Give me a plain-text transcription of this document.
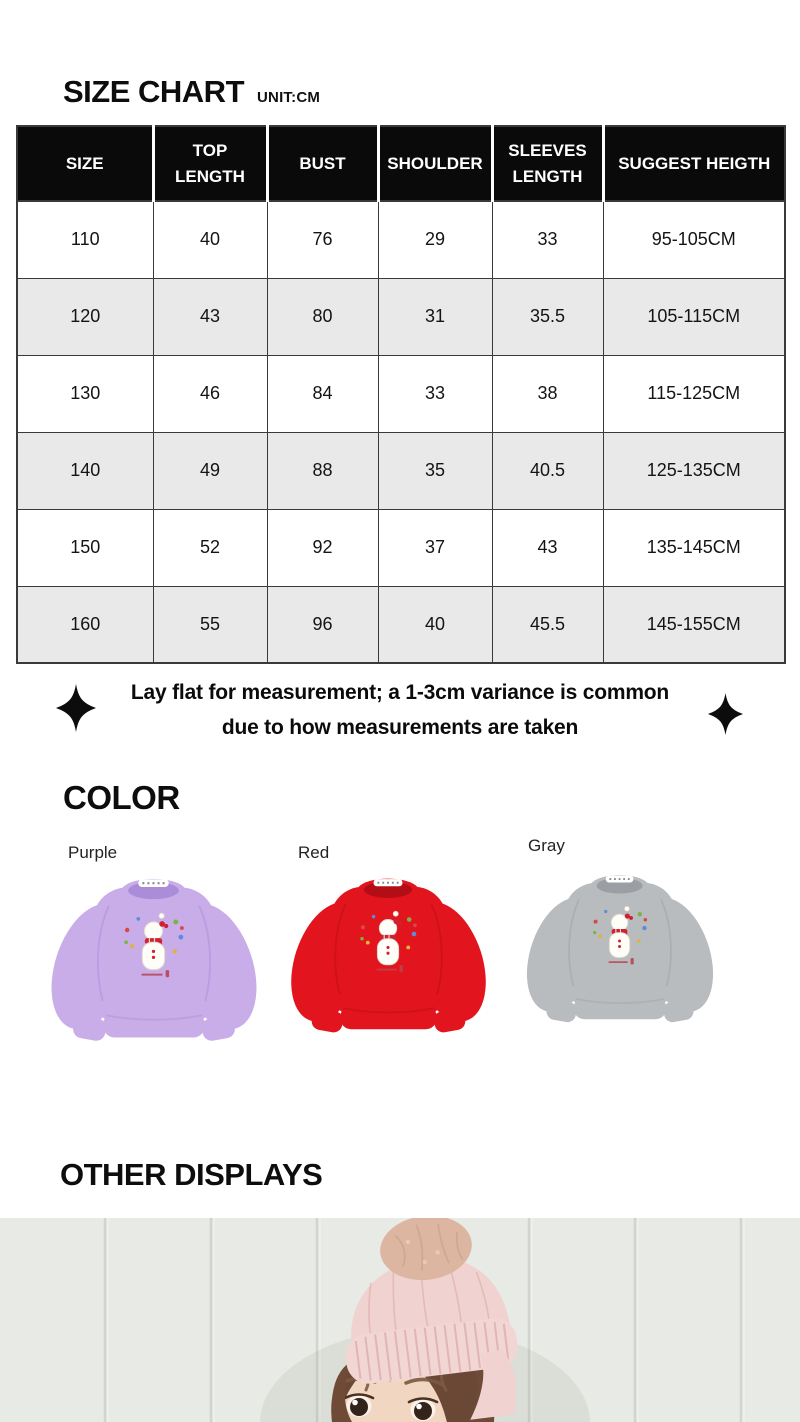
SIZE CHART UNIT:CM
SIZE	TOP LENGTH	BUST	SHOULDER	SLEEVES LENGTH	SUGGEST HEIGTH
110	40	76	29	33	95-105CM
120	43	80	31	35.5	105-115CM
130	46	84	33	38	115-125CM
140	49	88	35	40.5	125-135CM
150	52	92	37	43	135-145CM
160	55	96	40	45.5	145-155CM
Lay flat for measurement; a 1-3cm variance is common
due to how measurements are taken
COLOR
Purple	Red	Gray
OTHER DISPLAYS
